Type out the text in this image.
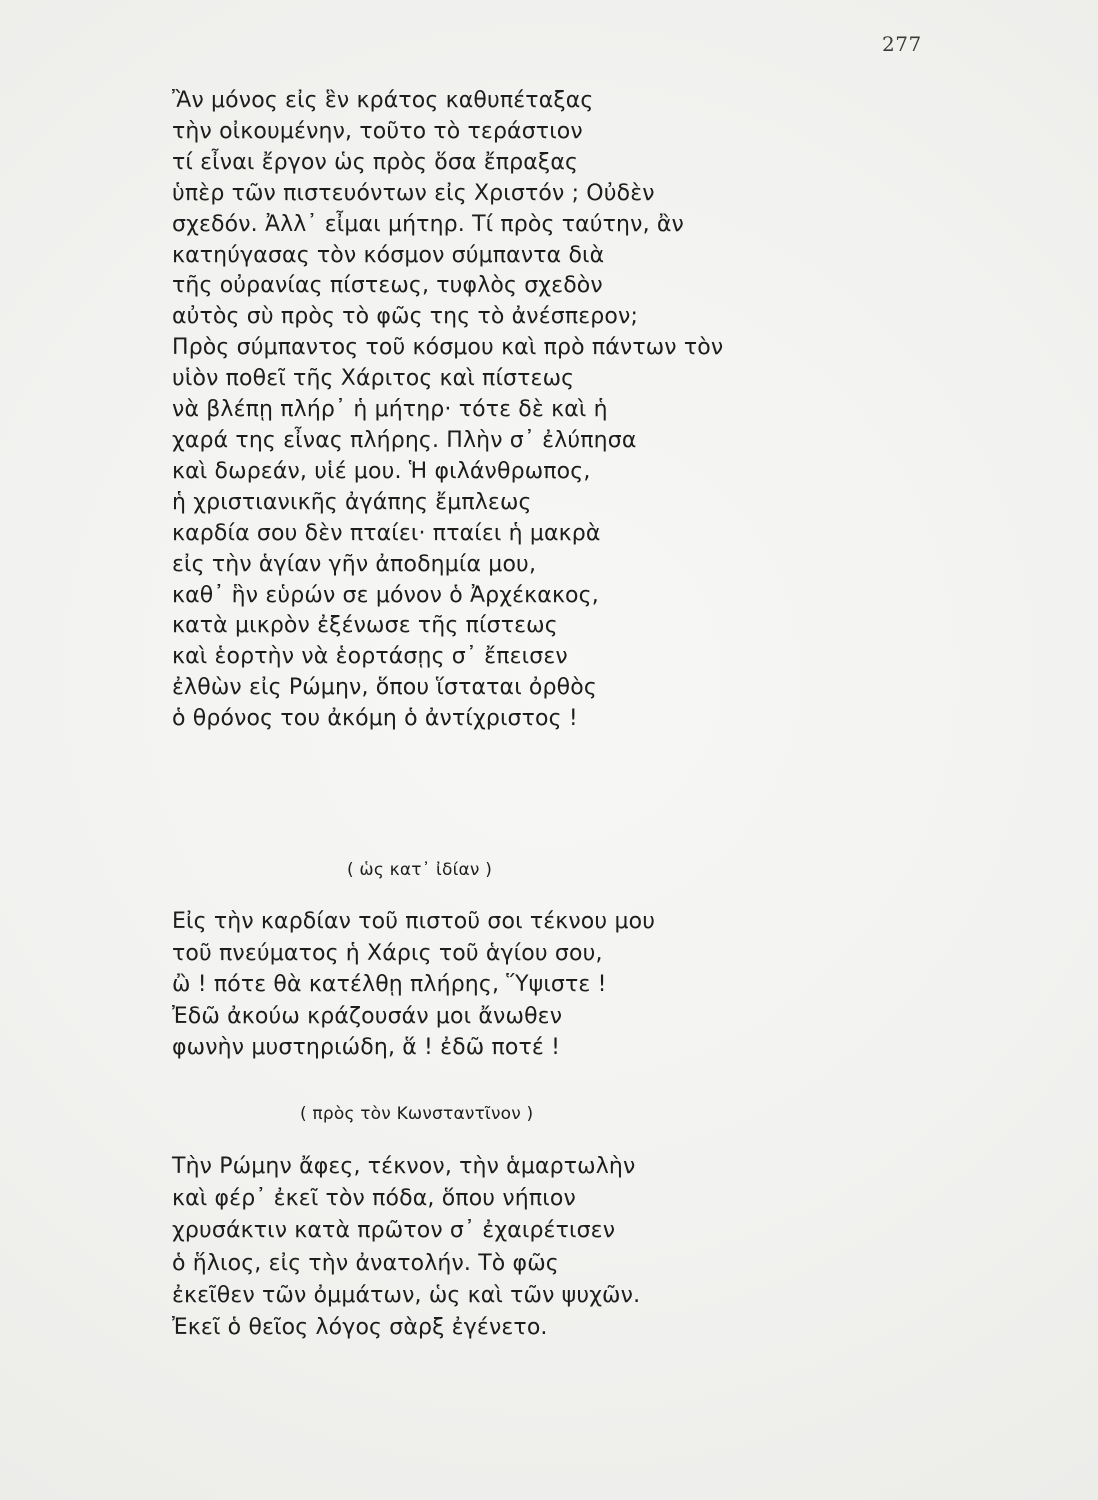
277
Ἂν μόνος εἰς ἓν κράτος καθυπέταξας
τὴν οἰκουμένην, τοῦτο τὸ τεράστιον
τί εἶναι ἔργον ὡς πρὸς ὅσα ἔπραξας
ὑπὲρ τῶν πιστευόντων εἰς Χριστόν ; Οὐδὲν
σχεδόν. Ἀλλ᾽ εἶμαι μήτηρ. Τί πρὸς ταύτην, ἂν
κατηύγασας τὸν κόσμον σύμπαντα διὰ
τῆς οὐρανίας πίστεως, τυφλὸς σχεδὸν
αὐτὸς σὺ πρὸς τὸ φῶς της τὸ ἀνέσπερον;
Πρὸς σύμπαντος τοῦ κόσμου καὶ πρὸ πάντων τὸν
υἱὸν ποθεῖ τῆς Χάριτος καὶ πίστεως
νὰ βλέπῃ πλήρ᾽ ἡ μήτηρ· τότε δὲ καὶ ἡ
χαρά της εἶνας πλήρης. Πλὴν σ᾽ ἐλύπησα
καὶ δωρεάν, υἱέ μου. Ἡ φιλάνθρωπος,
ἡ χριστιανικῆς ἀγάπης ἔμπλεως
καρδία σου δὲν πταίει· πταίει ἡ μακρὰ
εἰς τὴν ἁγίαν γῆν ἀποδημία μου,
καθ᾽ ἣν εὑρών σε μόνον ὁ Ἀρχέκακος,
κατὰ μικρὸν ἐξένωσε τῆς πίστεως
καὶ ἑορτὴν νὰ ἑορτάσῃς σ᾽ ἔπεισεν
ἐλθὼν εἰς Ρώμην, ὅπου ἵσταται ὀρθὸς
ὁ θρόνος του ἀκόμη ὁ ἀντίχριστος !
( ὡς κατ᾽ ἰδίαν )
Εἰς τὴν καρδίαν τοῦ πιστοῦ σοι τέκνου μου
τοῦ πνεύματος ἡ Χάρις τοῦ ἁγίου σου,
ὢ ! πότε θὰ κατέλθῃ πλήρης, Ὕψιστε !
Ἐδῶ ἀκούω κράζουσάν μοι ἄνωθεν
φωνὴν μυστηριώδη, ἅ ! ἐδῶ ποτέ !
( πρὸς τὸν Κωνσταντῖνον )
Τὴν Ρώμην ἄφες, τέκνον, τὴν ἁμαρτωλὴν
καὶ φέρ᾽ ἐκεῖ τὸν πόδα, ὅπου νήπιον
χρυσάκτιν κατὰ πρῶτον σ᾽ ἐχαιρέτισεν
ὁ ἥλιος, εἰς τὴν ἀνατολήν. Τὸ φῶς
ἐκεῖθεν τῶν ὀμμάτων, ὡς καὶ τῶν ψυχῶν.
Ἐκεῖ ὁ θεῖος λόγος σὰρξ ἐγένετο.
